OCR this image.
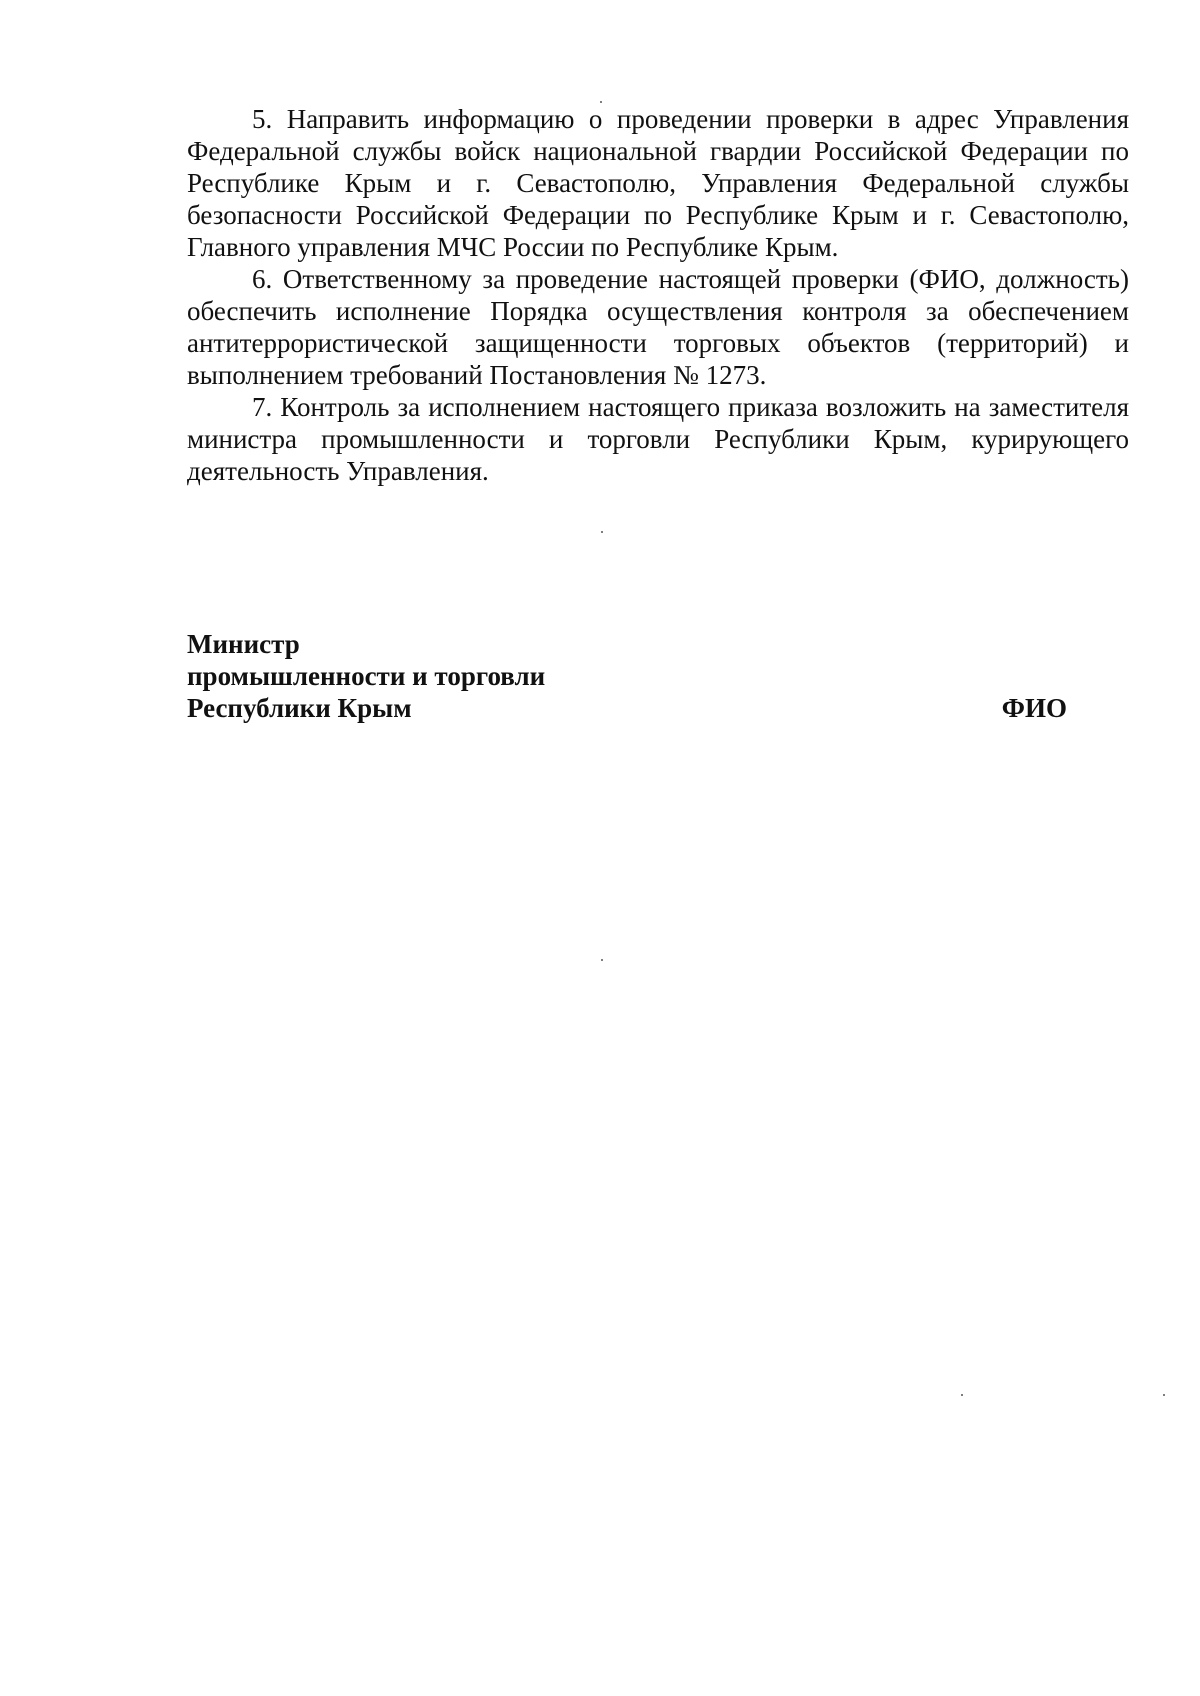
5. Направить информацию о проведении проверки в адрес Управления Федеральной службы войск национальной гвардии Российской Федерации по Республике Крым и г. Севастополю, Управления Федеральной службы безопасности Российской Федерации по Республике Крым и г. Севастополю, Главного управления МЧС России по Республике Крым.

6. Ответственному за проведение настоящей проверки (ФИО, должность) обеспечить исполнение Порядка осуществления контроля за обеспечением антитеррористической защищенности торговых объектов (территорий) и выполнением требований Постановления № 1273.

7. Контроль за исполнением настоящего приказа возложить на заместителя министра промышленности и торговли Республики Крым, курирующего деятельность Управления.

Министр
промышленности и торговли
Республики Крым	ФИО
